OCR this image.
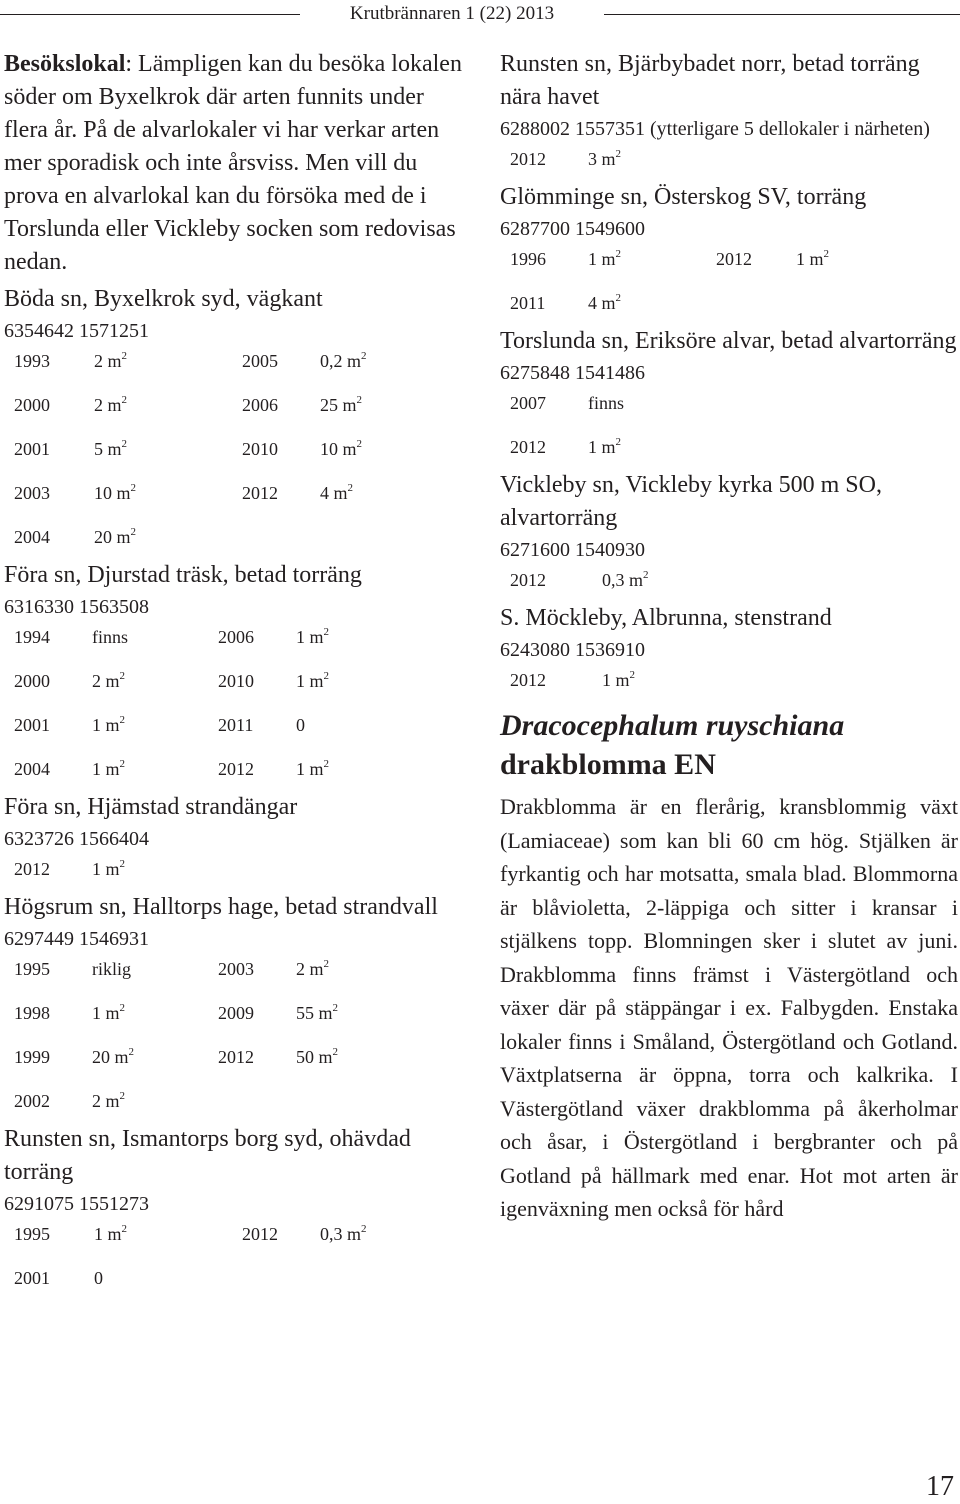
Krutbrännaren 1 (22) 2013

Besökslokal: Lämpligen kan du besöka lokalen söder om Byxelkrok där arten funnits under flera år. På de alvarlokaler vi har verkar arten mer sporadisk och inte årsviss. Men vill du prova en alvarlokal kan du försöka med de i Torslunda eller Vickleby socken som redovisas nedan.

Böda sn, Byxelkrok syd, vägkant

6354642 1571251

1993	2 $m^2$	2005	0,2 $m^2$
2000	2 $m^2$	2006	25 $m^2$
2001	5 $m^2$	2010	10 $m^2$
2003	10 $m^2$	2012	4 $m^2$
2004	20 $m^2$

Föra sn, Djurstad träsk, betad torräng

6316330 1563508

1994	finns	2006	1 $m^2$
2000	2 $m^2$	2010	1 $m^2$
2001	1 $m^2$	2011	0
2004	1 $m^2$	2012	1 $m^2$

Föra sn, Hjämstad strandängar

6323726 1566404

2012	1 $m^2$

Högsrum sn, Halltorps hage, betad strandvall

6297449 1546931

1995	riklig	2003	2 $m^2$
1998	1 $m^2$	2009	55 $m^2$
1999	20 $m^2$	2012	50 $m^2$
2002	2 $m^2$

Runsten sn, Ismantorps borg syd, ohävdad torräng

6291075 1551273

1995	1 $m^2$	2012	0,3 $m^2$
2001	0

Runsten sn, Bjärbybadet norr, betad torräng nära havet

6288002 1557351 (ytterligare 5 dellokaler i närheten)

2012	3 $m^2$

Glömminge sn, Österskog SV, torräng

6287700 1549600

1996	1 $m^2$	2012	1 $m^2$
2011	4 $m^2$

Torslunda sn, Eriksöre alvar, betad alvartorräng

6275848 1541486

2007	finns
2012	1 $m^2$

Vickleby sn, Vickleby kyrka 500 m SO, alvartorräng

6271600 1540930

2012	0,3 $m^2$

S. Möckleby, Albrunna, stenstrand

6243080 1536910

2012	1 $m^2$
Dracocephalum ruyschiana drakblomma EN

Drakblomma är en flerårig, kransblommig växt (Lamiaceae) som kan bli 60 cm hög. Stjälken är fyrkantig och har motsatta, smala blad. Blommorna är blåvioletta, 2-läppiga och sitter i kransar i stjälkens topp. Blomningen sker i slutet av juni. Drakblomma finns främst i Västergötland och växer där på stäppängar i ex. Falbygden. Enstaka lokaler finns i Småland, Östergötland och Gotland. Växtplatserna är öppna, torra och kalkrika. I Västergötland växer drakblomma på åkerholmar och åsar, i Östergötland i bergbranter och på Gotland på hällmark med enar. Hot mot arten är igenväxning men också för hård

17
